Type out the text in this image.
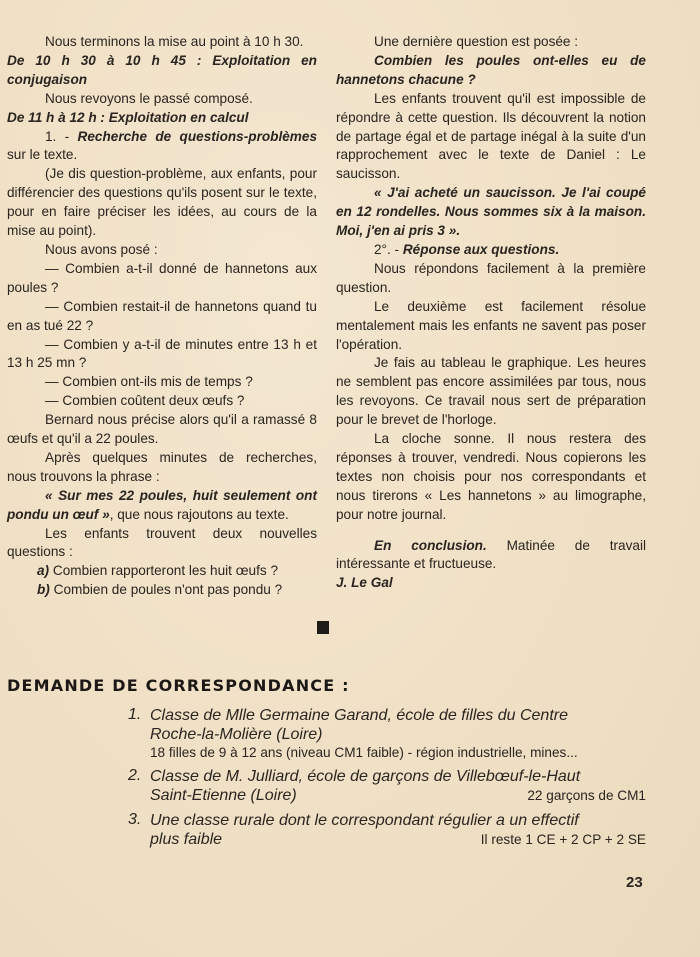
Nous terminons la mise au point à 10 h 30.

De 10 h 30 à 10 h 45 : Exploitation en conjugaison

Nous revoyons le passé composé.

De 11 h à 12 h : Exploitation en calcul

1. - Recherche de questions-problèmes sur le texte.

(Je dis question-problème, aux enfants, pour différencier des questions qu'ils posent sur le texte, pour en faire préciser les idées, au cours de la mise au point).

Nous avons posé :

— Combien a-t-il donné de hannetons aux poules ?

— Combien restait-il de hannetons quand tu en as tué 22 ?

— Combien y a-t-il de minutes entre 13 h et 13 h 25 mn ?

— Combien ont-ils mis de temps ?

— Combien coûtent deux œufs ?

Bernard nous précise alors qu'il a ramassé 8 œufs et qu'il a 22 poules.

Après quelques minutes de recherches, nous trouvons la phrase :

« Sur mes 22 poules, huit seulement ont pondu un œuf », que nous rajoutons au texte.

Les enfants trouvent deux nouvelles questions :

a) Combien rapporteront les huit œufs ?

b) Combien de poules n'ont pas pondu ?

Une dernière question est posée :

Combien les poules ont-elles eu de hannetons chacune ?

Les enfants trouvent qu'il est impossible de répondre à cette question. Ils découvrent la notion de partage égal et de partage inégal à la suite d'un rapprochement avec le texte de Daniel : Le saucisson.

« J'ai acheté un saucisson. Je l'ai coupé en 12 rondelles. Nous sommes six à la maison. Moi, j'en ai pris 3 ».

2°. - Réponse aux questions.

Nous répondons facilement à la première question.

Le deuxième est facilement résolue mentalement mais les enfants ne savent pas poser l'opération.

Je fais au tableau le graphique. Les heures ne semblent pas encore assimilées par tous, nous les revoyons. Ce travail nous sert de préparation pour le brevet de l'horloge.

La cloche sonne. Il nous restera des réponses à trouver, vendredi. Nous copierons les textes non choisis pour nos correspondants et nous tirerons « Les hannetons » au limographe, pour notre journal.

En conclusion. Matinée de travail intéressante et fructueuse.

J. Le Gal

DEMANDE DE CORRESPONDANCE :
1. Classe de Mlle Germaine Garand, école de filles du Centre
Roche-la-Molière (Loire)
18 filles de 9 à 12 ans (niveau CM1 faible) - région industrielle, mines...
2. Classe de M. Julliard, école de garçons de Villebœuf-le-Haut
Saint-Etienne (Loire)	22 garçons de CM1
3. Une classe rurale dont le correspondant régulier a un effectif
plus faible	Il reste 1 CE + 2 CP + 2 SE
23
